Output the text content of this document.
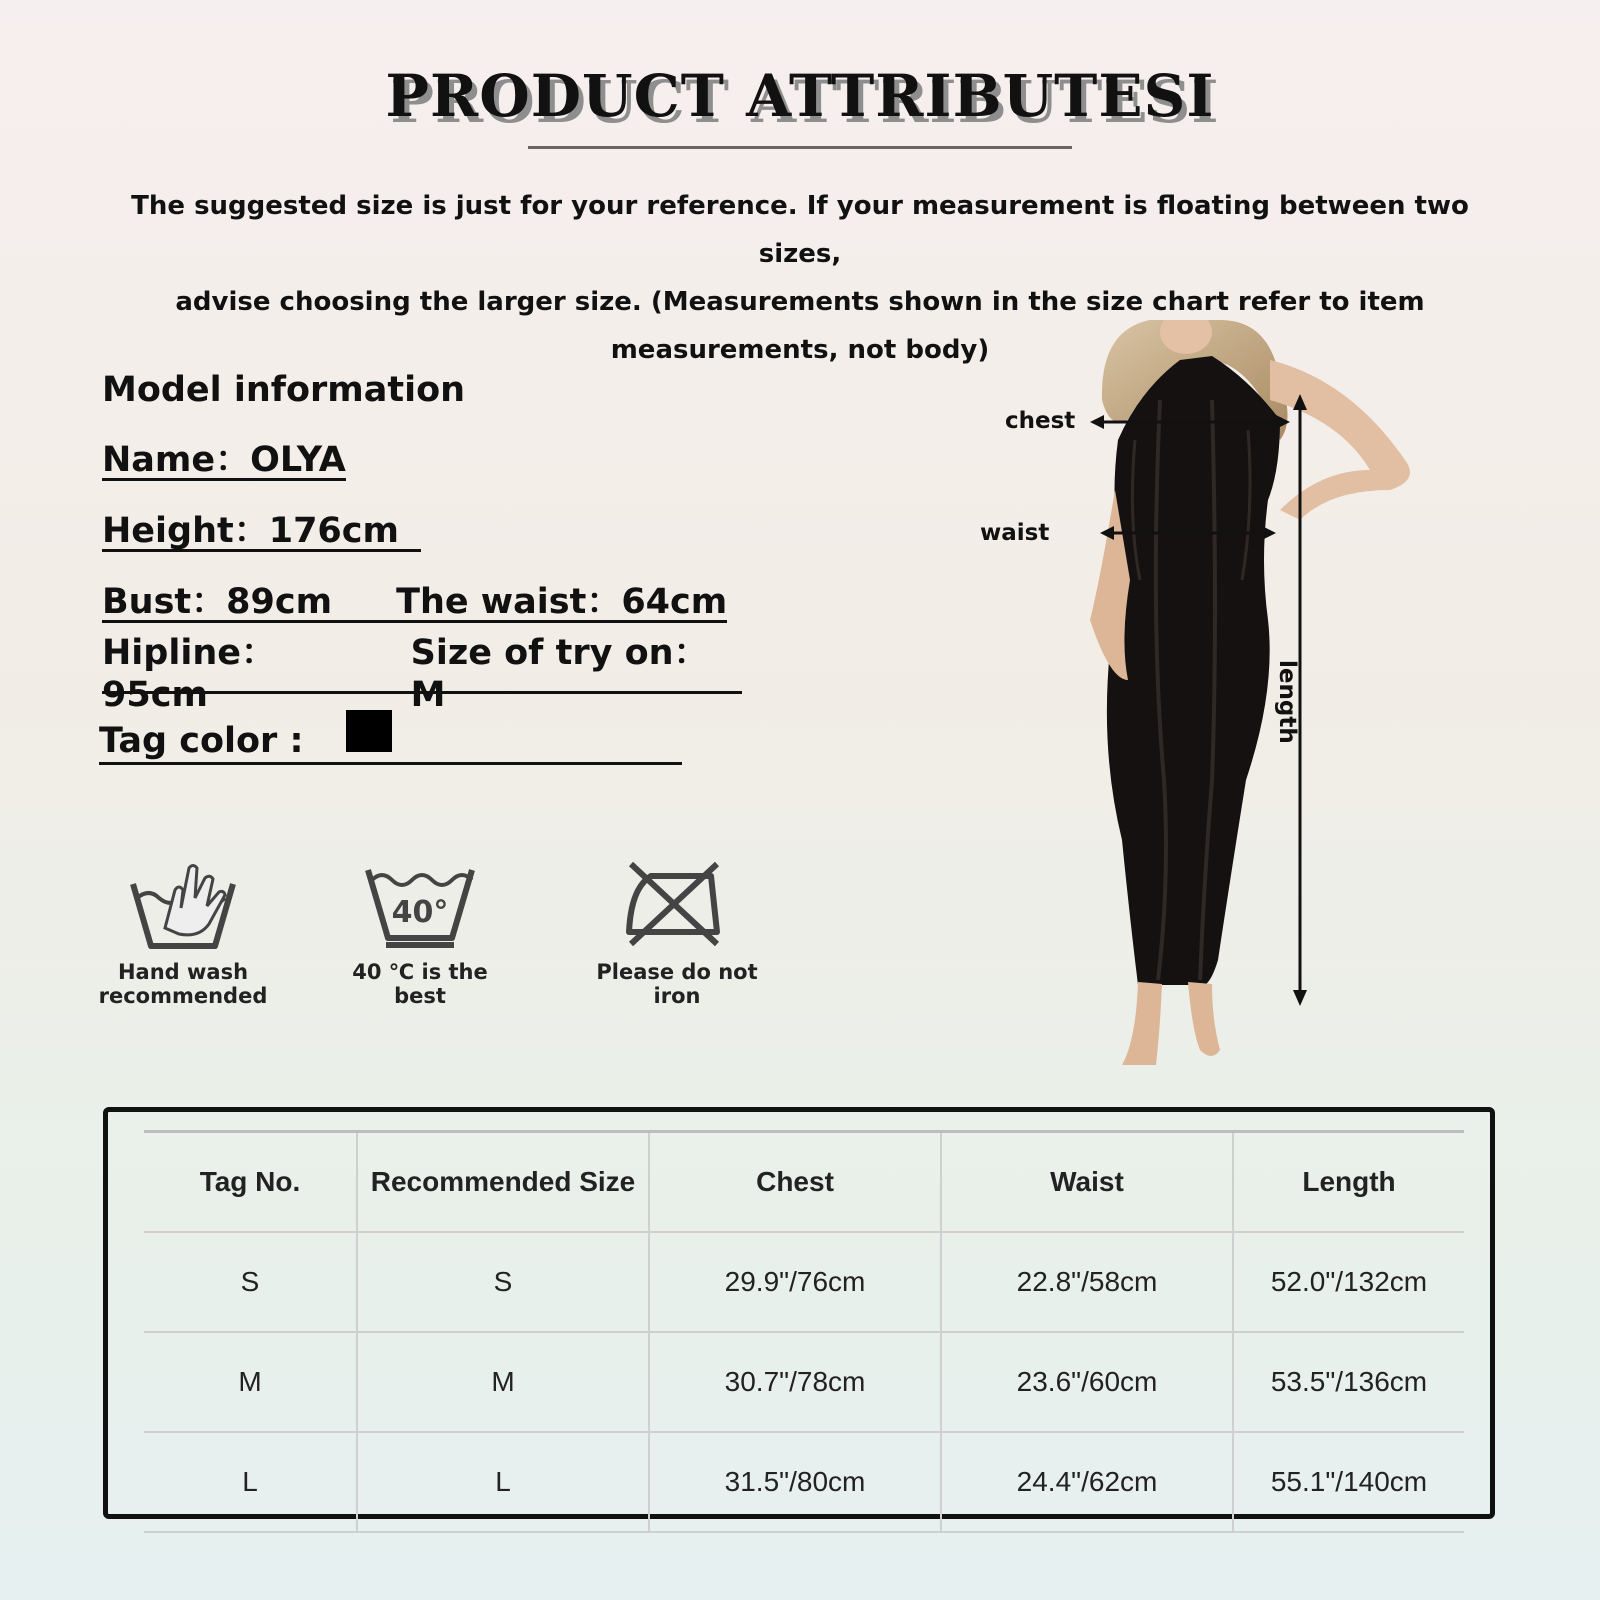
PRODUCT ATTRIBUTESI
The suggested size is just for your reference. If your measurement is floating between two sizes,
advise choosing the larger size. (Measurements shown in the size chart refer to item
measurements, not body)
Model information
Name：OLYA
Height：176cm
Bust：89cm The waist：64cm
Hipline：95cm
Size of try on：M
Tag color :
Hand wash
recommended
40°
40 ℃ is the best
Please do not iron
chest
waist
length
Tag No.	Recommended Size	Chest	Waist	Length
S	S	29.9"/76cm	22.8"/58cm	52.0"/132cm
M	M	30.7"/78cm	23.6"/60cm	53.5"/136cm
L	L	31.5"/80cm	24.4"/62cm	55.1"/140cm
